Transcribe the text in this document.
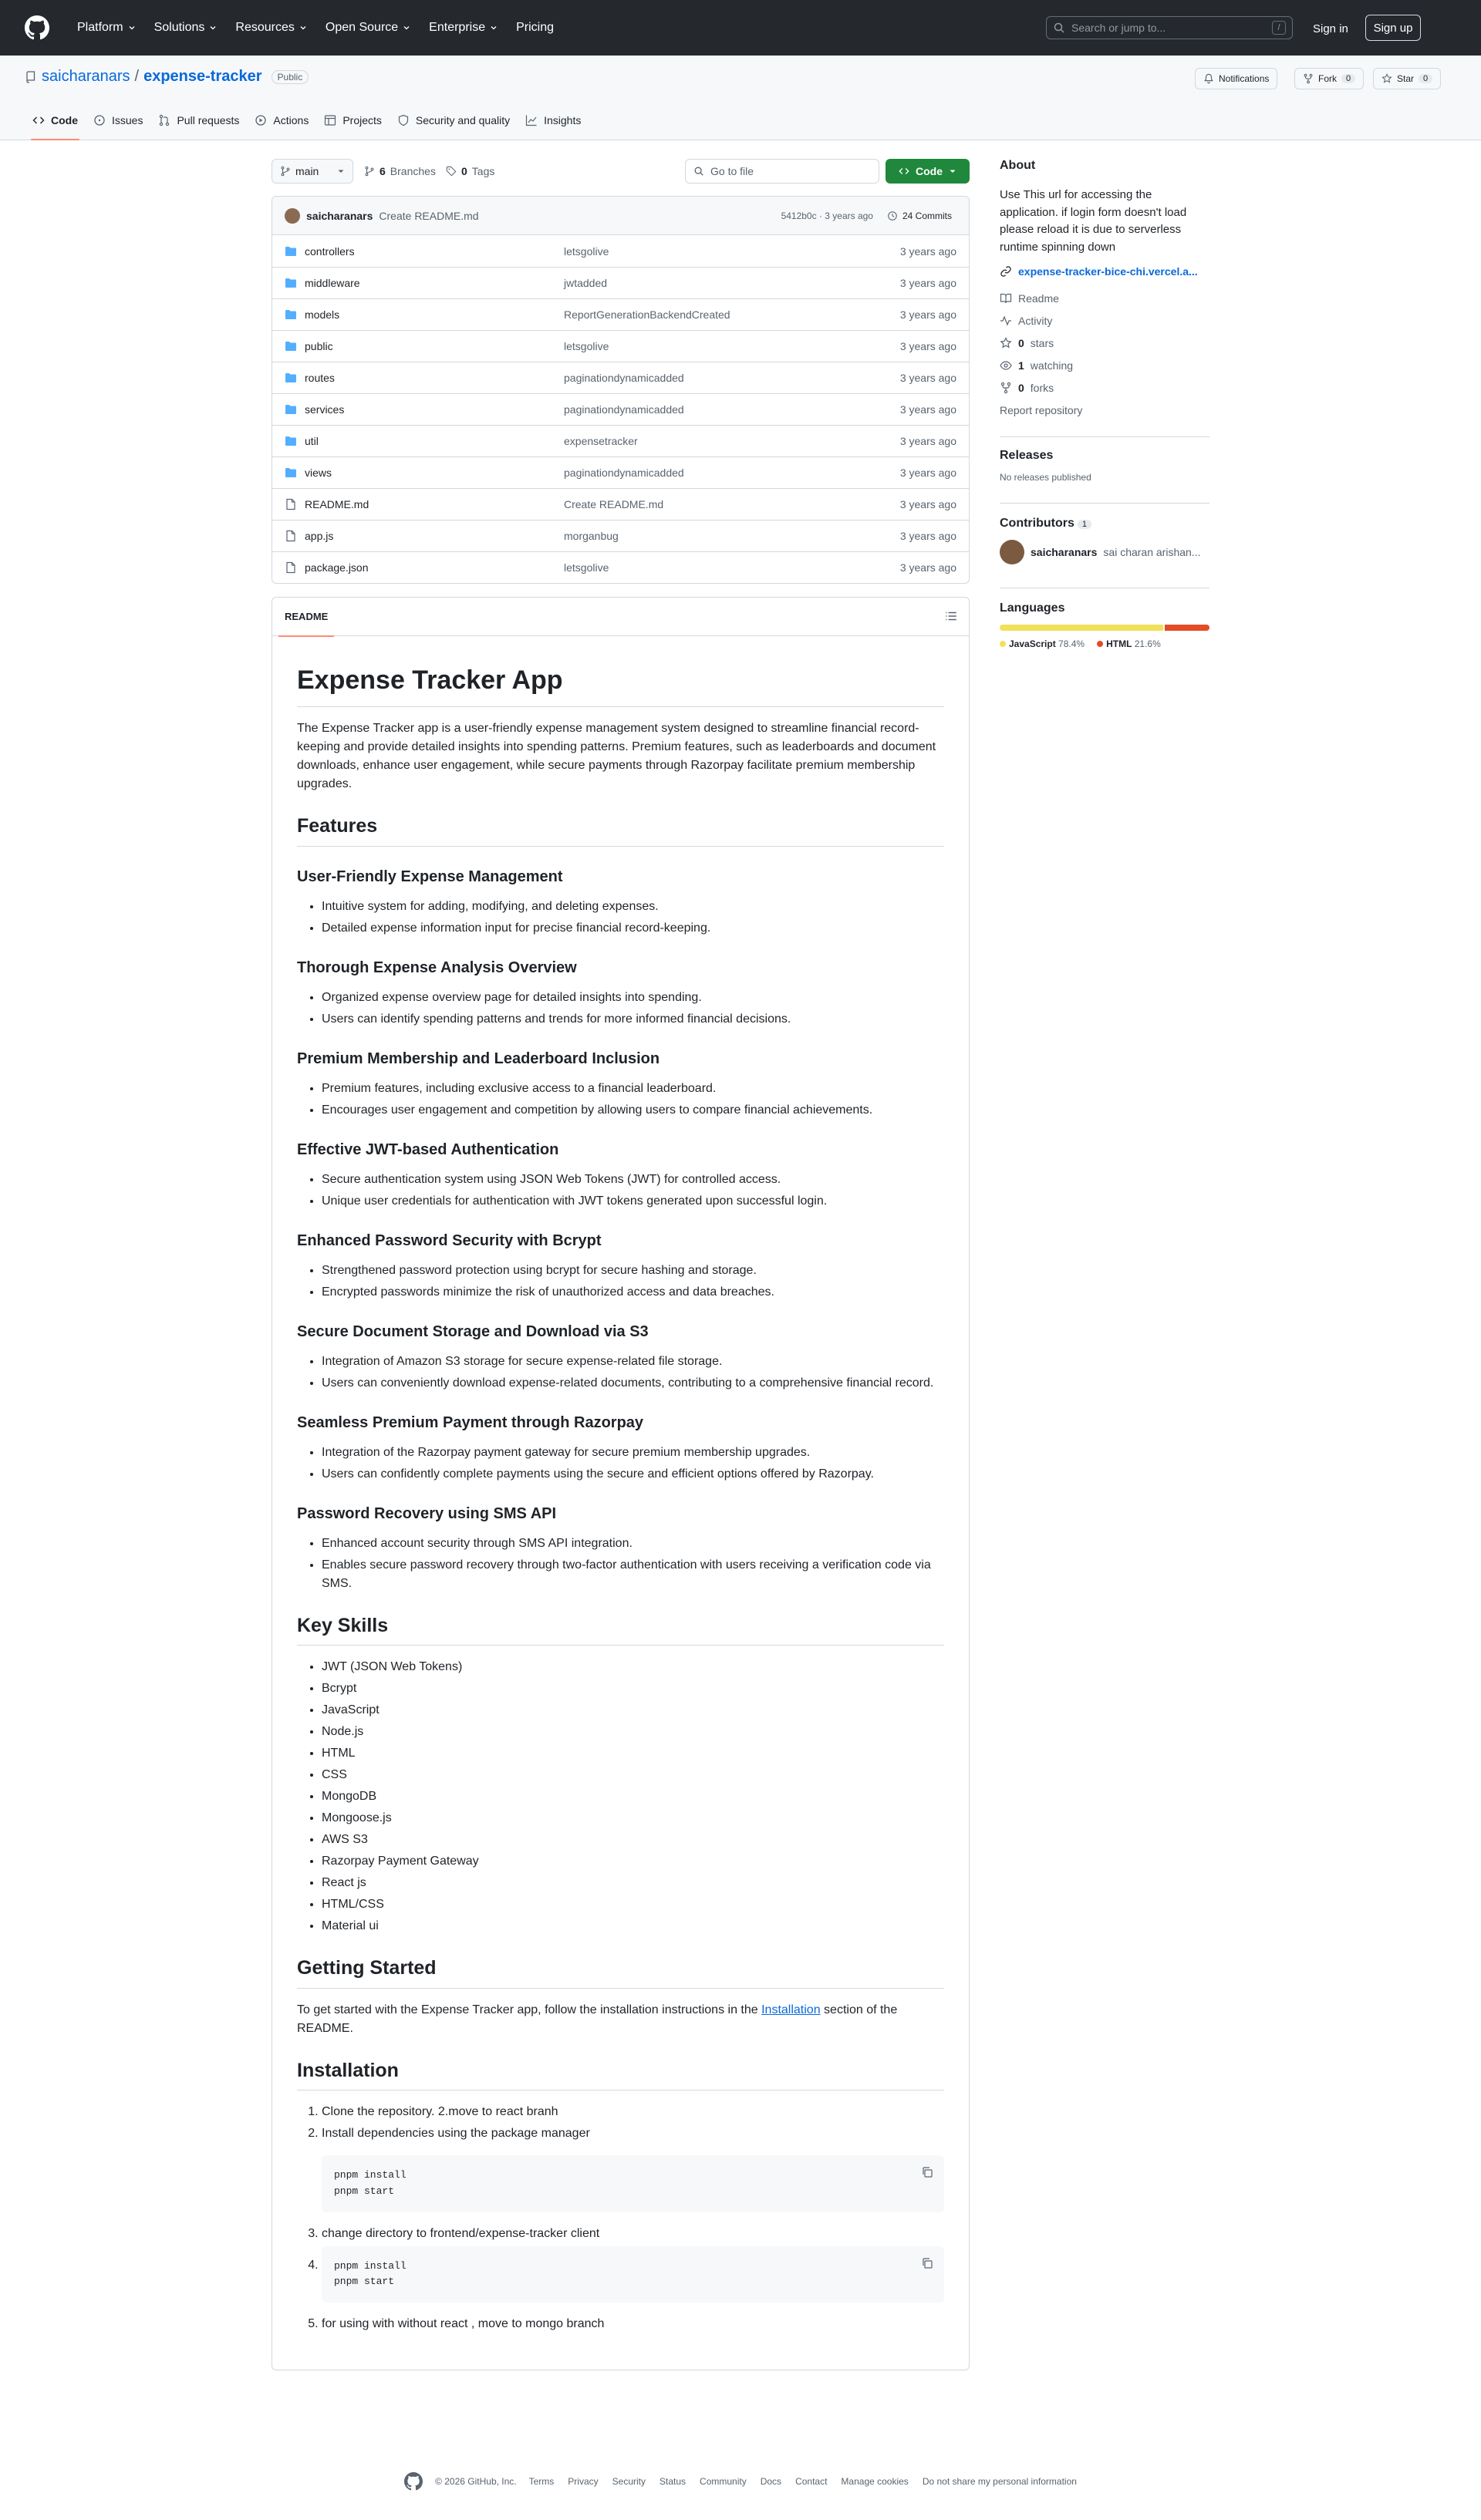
Platform	Solutions	Resources	Open Source	Enterprise	Pricing	Search or jump to...	/	Sign in	Sign up
saicharanars / expense-tracker	Public	Notifications	Fork	0	Star	0
Code	Issues	Pull requests	Actions	Projects	Security and quality	Insights
main	6 Branches 0 Tags	Go to file	Code
saicharanars Create README.md	5412b0c · 3 years ago	24 Commits
controllers	letsgolive	3 years ago
middleware	jwtadded	3 years ago
models	ReportGenerationBackendCreated	3 years ago
public	letsgolive	3 years ago
routes	paginationdynamicadded	3 years ago
services	paginationdynamicadded	3 years ago
util	expensetracker	3 years ago
views	paginationdynamicadded	3 years ago
README.md	Create README.md	3 years ago
app.js	morganbug	3 years ago
package.json	letsgolive	3 years ago
README
Expense Tracker App

The Expense Tracker app is a user-friendly expense management system designed to streamline financial record-keeping and provide detailed insights into spending patterns. Premium features, such as leaderboards and document downloads, enhance user engagement, while secure payments through Razorpay facilitate premium membership upgrades.

Features
User-Friendly Expense Management
• Intuitive system for adding, modifying, and deleting expenses.
• Detailed expense information input for precise financial record-keeping.
Thorough Expense Analysis Overview
• Organized expense overview page for detailed insights into spending.
• Users can identify spending patterns and trends for more informed financial decisions.
Premium Membership and Leaderboard Inclusion
• Premium features, including exclusive access to a financial leaderboard.
• Encourages user engagement and competition by allowing users to compare financial achievements.
Effective JWT-based Authentication
• Secure authentication system using JSON Web Tokens (JWT) for controlled access.
• Unique user credentials for authentication with JWT tokens generated upon successful login.
Enhanced Password Security with Bcrypt
• Strengthened password protection using bcrypt for secure hashing and storage.
• Encrypted passwords minimize the risk of unauthorized access and data breaches.
Secure Document Storage and Download via S3
• Integration of Amazon S3 storage for secure expense-related file storage.
• Users can conveniently download expense-related documents, contributing to a comprehensive financial record.
Seamless Premium Payment through Razorpay
• Integration of the Razorpay payment gateway for secure premium membership upgrades.
• Users can confidently complete payments using the secure and efficient options offered by Razorpay.
Password Recovery using SMS API
• Enhanced account security through SMS API integration.
• Enables secure password recovery through two-factor authentication with users receiving a verification code via SMS.
Key Skills
• JWT (JSON Web Tokens)
• Bcrypt
• JavaScript
• Node.js
• HTML
• CSS
• MongoDB
• Mongoose.js
• AWS S3
• Razorpay Payment Gateway
• React js
• HTML/CSS
• Material ui
Getting Started

To get started with the Expense Tracker app, follow the installation instructions in the Installation section of the README.

Installation
1. Clone the repository. 2.move to react branh
2. Install dependencies using the package manager
pnpm install
pnpm start
3. change directory to frontend/expense-tracker client
4. pnpm install
pnpm start
5. for using with without react , move to mongo branch
About
Use This url for accessing the application. if login form doesn't load please reload it is due to serverless runtime spinning down
expense-tracker-bice-chi.vercel.a...
Readme
Activity
0 stars
1 watching
0 forks
Report repository
Releases
No releases published
Contributors 1
saicharanars sai charan arishan...
Languages
JavaScript 78.4%	HTML 21.6%
© 2026 GitHub, Inc. Terms Privacy Security Status Community Docs Contact Manage cookies Do not share my personal information
